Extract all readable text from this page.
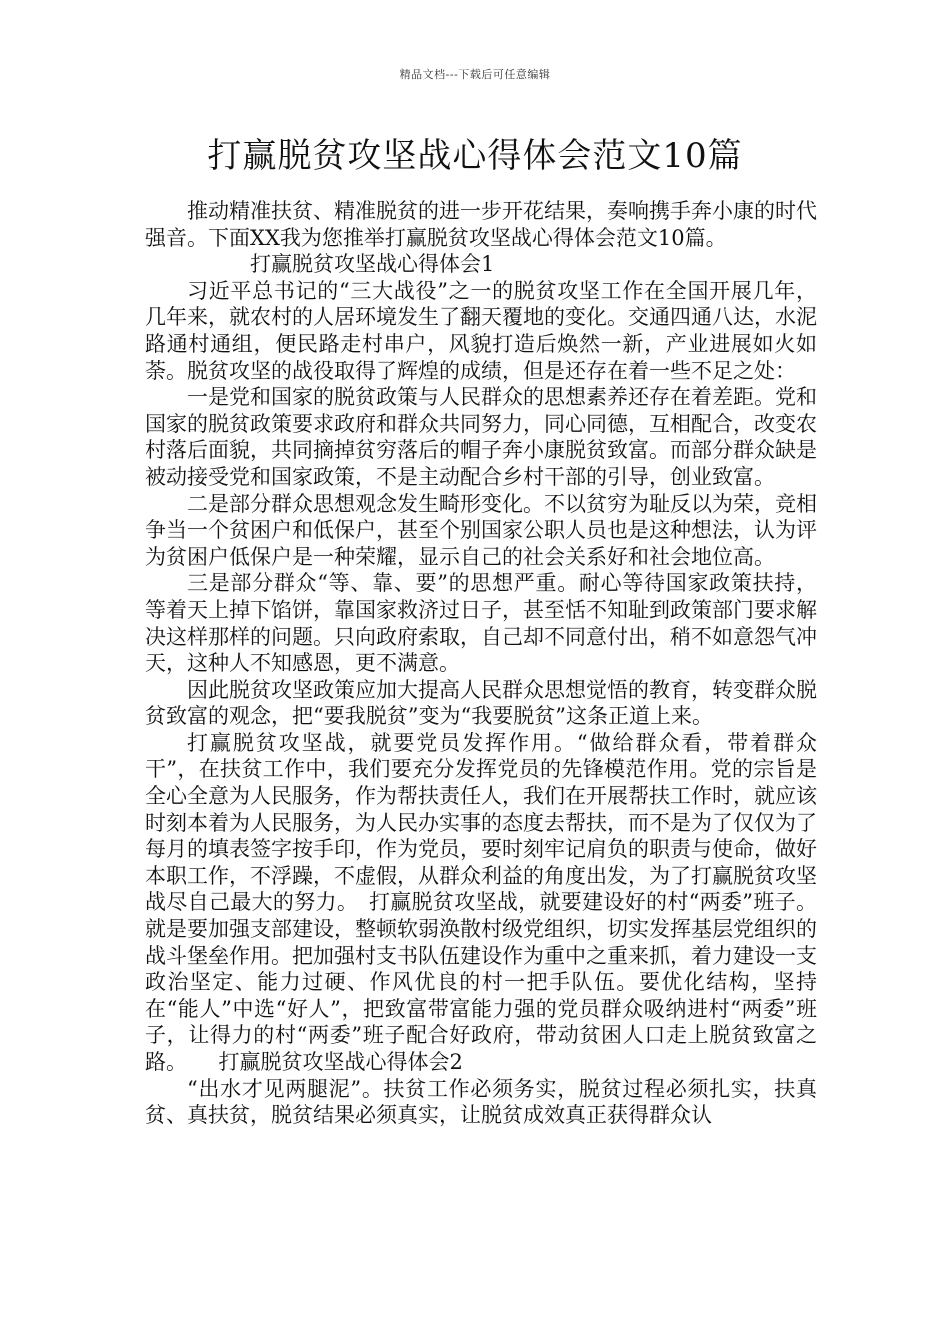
精品文档---下载后可任意编辑
打赢脱贫攻坚战心得体会范文10篇

推动精准扶贫、精准脱贫的进一步开花结果，奏响携手奔小康的时代强音。下面XX我为您推举打赢脱贫攻坚战心得体会范文10篇。

打赢脱贫攻坚战心得体会1

习近平总书记的“三大战役”之一的脱贫攻坚工作在全国开展几年，几年来，就农村的人居环境发生了翻天覆地的变化。交通四通八达，水泥路通村通组，便民路走村串户，风貌打造后焕然一新，产业进展如火如荼。脱贫攻坚的战役取得了辉煌的成绩，但是还存在着一些不足之处：

一是党和国家的脱贫政策与人民群众的思想素养还存在着差距。党和国家的脱贫政策要求政府和群众共同努力，同心同德，互相配合，改变农村落后面貌，共同摘掉贫穷落后的帽子奔小康脱贫致富。而部分群众缺是被动接受党和国家政策，不是主动配合乡村干部的引导，创业致富。

二是部分群众思想观念发生畸形变化。不以贫穷为耻反以为荣，竞相争当一个贫困户和低保户，甚至个别国家公职人员也是这种想法，认为评为贫困户低保户是一种荣耀，显示自己的社会关系好和社会地位高。

三是部分群众“等、靠、要”的思想严重。耐心等待国家政策扶持，等着天上掉下馅饼，靠国家救济过日子，甚至恬不知耻到政策部门要求解决这样那样的问题。只向政府索取，自己却不同意付出，稍不如意怨气冲天，这种人不知感恩，更不满意。

因此脱贫攻坚政策应加大提高人民群众思想觉悟的教育，转变群众脱贫致富的观念，把“要我脱贫”变为“我要脱贫”这条正道上来。

打赢脱贫攻坚战，就要党员发挥作用。“做给群众看，带着群众干”，在扶贫工作中，我们要充分发挥党员的先锋模范作用。党的宗旨是全心全意为人民服务，作为帮扶责任人，我们在开展帮扶工作时，就应该时刻本着为人民服务，为人民办实事的态度去帮扶，而不是为了仅仅为了每月的填表签字按手印，作为党员，要时刻牢记肩负的职责与使命，做好本职工作，不浮躁，不虚假，从群众利益的角度出发，为了打赢脱贫攻坚战尽自己最大的努力。　打赢脱贫攻坚战，就要建设好的村“两委”班子。就是要加强支部建设，整顿软弱涣散村级党组织，切实发挥基层党组织的战斗堡垒作用。把加强村支书队伍建设作为重中之重来抓，着力建设一支政治坚定、能力过硬、作风优良的村一把手队伍。要优化结构，坚持在“能人”中选“好人”，把致富带富能力强的党员群众吸纳进村“两委”班子，让得力的村“两委”班子配合好政府，带动贫困人口走上脱贫致富之路。　　打赢脱贫攻坚战心得体会2

“出水才见两腿泥”。扶贫工作必须务实，脱贫过程必须扎实，扶真贫、真扶贫，脱贫结果必须真实，让脱贫成效真正获得群众认
